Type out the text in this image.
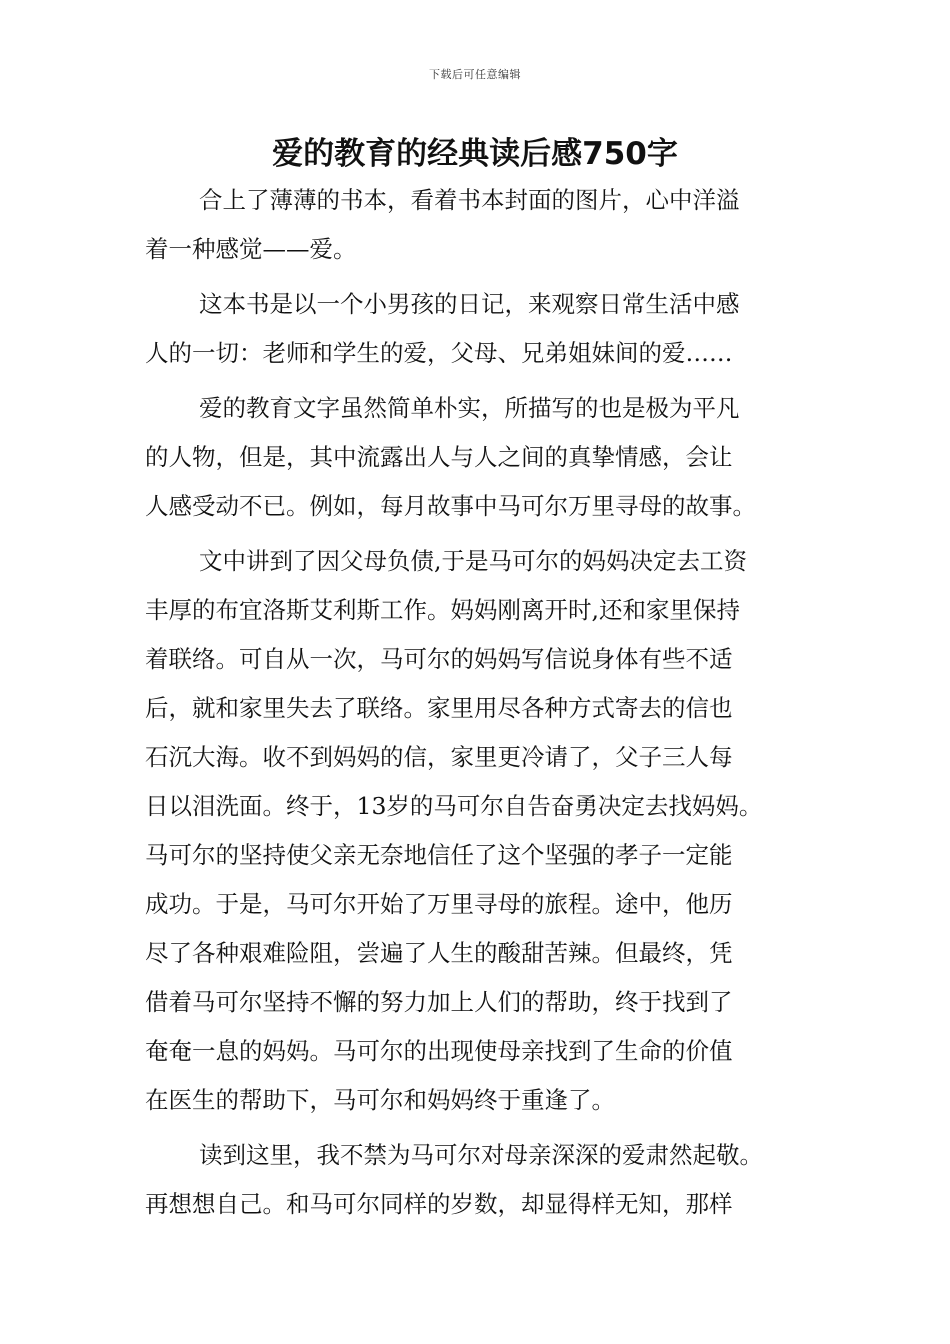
下载后可任意编辑
爱的教育的经典读后感750字
合上了薄薄的书本，看着书本封面的图片，心中洋溢
着一种感觉——爱。
这本书是以一个小男孩的日记，来观察日常生活中感
人的一切：老师和学生的爱，父母、兄弟姐妹间的爱……
爱的教育文字虽然简单朴实，所描写的也是极为平凡
的人物，但是，其中流露出人与人之间的真挚情感，会让
人感受动不已。例如，每月故事中马可尔万里寻母的故事。
文中讲到了因父母负债,于是马可尔的妈妈决定去工资
丰厚的布宜洛斯艾利斯工作。妈妈刚离开时,还和家里保持
着联络。可自从一次，马可尔的妈妈写信说身体有些不适
后，就和家里失去了联络。家里用尽各种方式寄去的信也
石沉大海。收不到妈妈的信，家里更冷请了，父子三人每
日以泪洗面。终于，13岁的马可尔自告奋勇决定去找妈妈。
马可尔的坚持使父亲无奈地信任了这个坚强的孝子一定能
成功。于是，马可尔开始了万里寻母的旅程。途中，他历
尽了各种艰难险阻，尝遍了人生的酸甜苦辣。但最终，凭
借着马可尔坚持不懈的努力加上人们的帮助，终于找到了
奄奄一息的妈妈。马可尔的出现使母亲找到了生命的价值
在医生的帮助下，马可尔和妈妈终于重逢了。
读到这里，我不禁为马可尔对母亲深深的爱肃然起敬。
再想想自己。和马可尔同样的岁数，却显得样无知，那样
